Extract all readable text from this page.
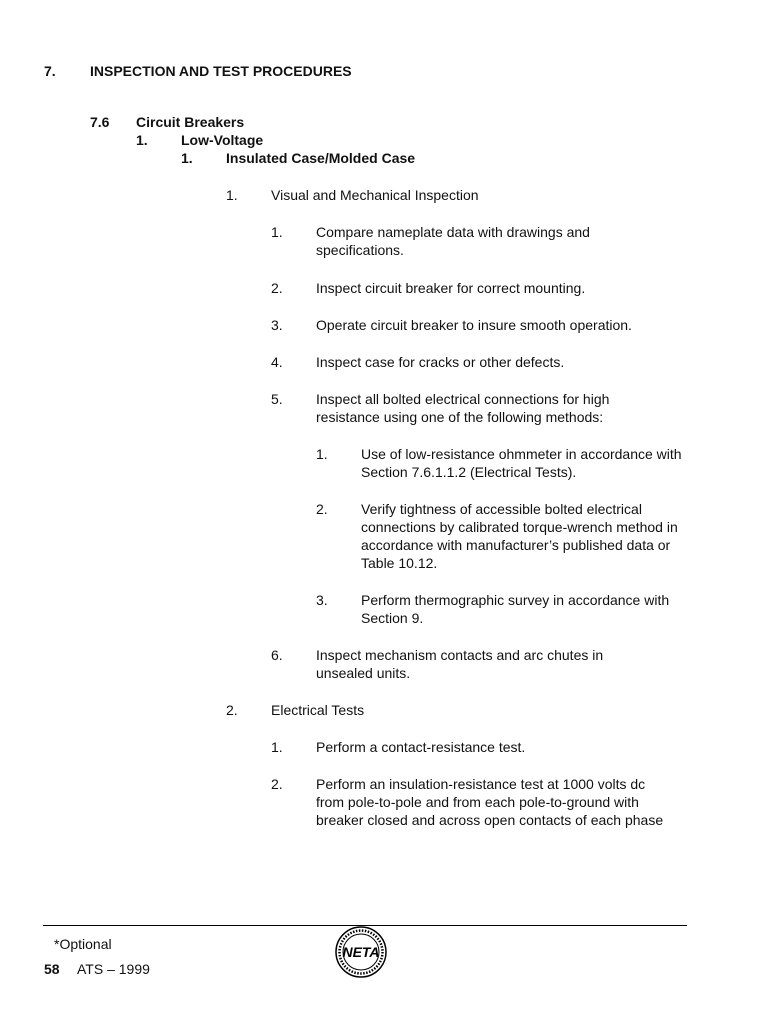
7. INSPECTION AND TEST PROCEDURES
7.6 Circuit Breakers
1. Low-Voltage
1. Insulated Case/Molded Case
1. Visual and Mechanical Inspection
1. Compare nameplate data with drawings and specifications.
2. Inspect circuit breaker for correct mounting.
3. Operate circuit breaker to insure smooth operation.
4. Inspect case for cracks or other defects.
5. Inspect all bolted electrical connections for high resistance using one of the following methods:
1. Use of low-resistance ohmmeter in accordance with Section 7.6.1.1.2 (Electrical Tests).
2. Verify tightness of accessible bolted electrical connections by calibrated torque-wrench method in accordance with manufacturer’s published data or Table 10.12.
3. Perform thermographic survey in accordance with Section 9.
6. Inspect mechanism contacts and arc chutes in unsealed units.
2. Electrical Tests
1. Perform a contact-resistance test.
2. Perform an insulation-resistance test at 1000 volts dc from pole-to-pole and from each pole-to-ground with breaker closed and across open contacts of each phase
*Optional
58 ATS – 1999
NETA
